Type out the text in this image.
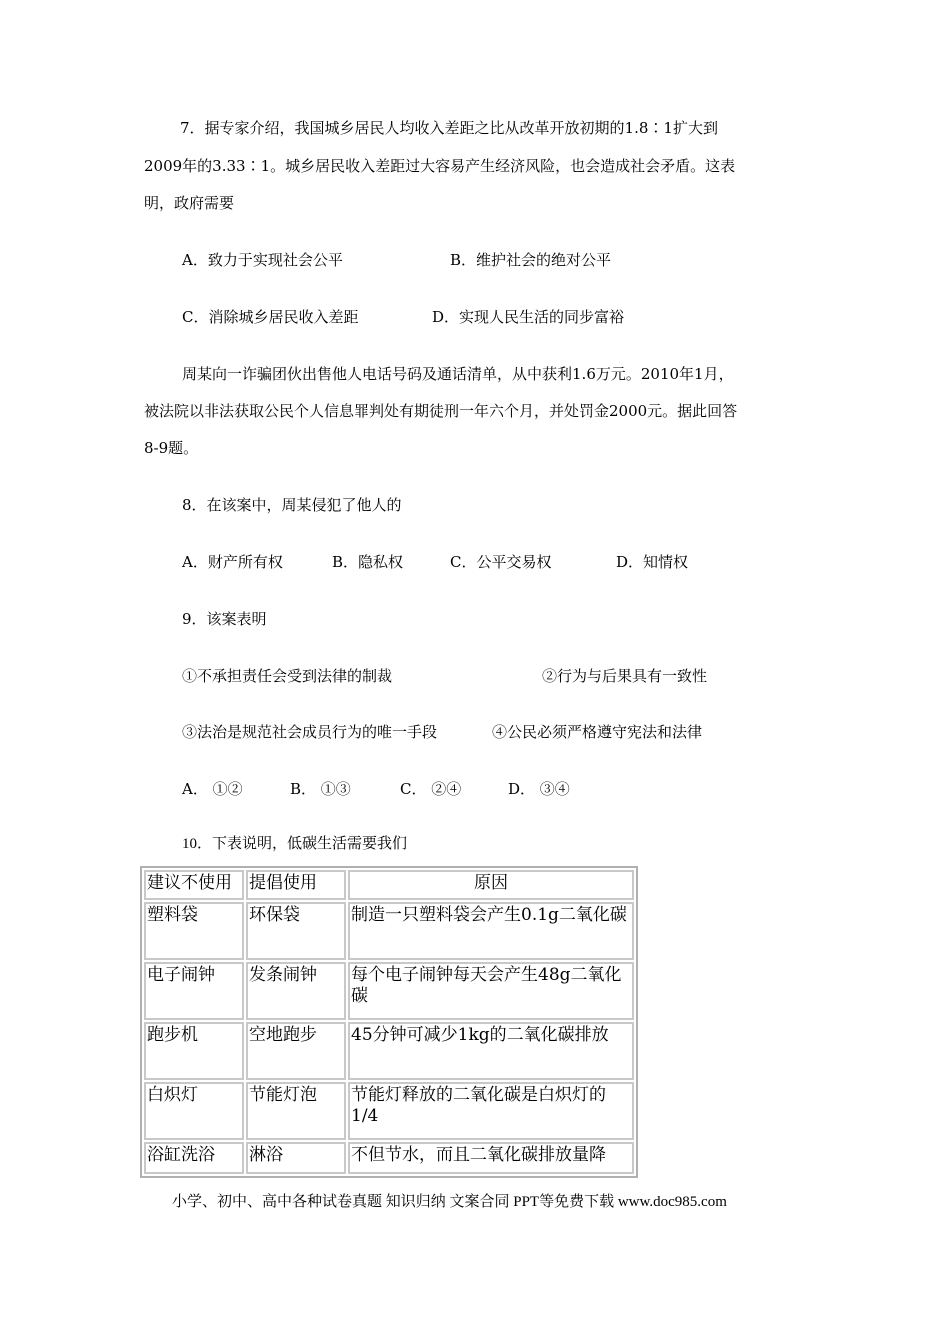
7．据专家介绍，我国城乡居民人均收入差距之比从改革开放初期的1.8∶1扩大到
2009年的3.33∶1。城乡居民收入差距过大容易产生经济风险，也会造成社会矛盾。这表
明，政府需要
A．致力于实现社会公平	B．维护社会的绝对公平
C．消除城乡居民收入差距	D．实现人民生活的同步富裕
周某向一诈骗团伙出售他人电话号码及通话清单，从中获利1.6万元。2010年1月，
被法院以非法获取公民个人信息罪判处有期徒刑一年六个月，并处罚金2000元。据此回答
8-9题。
8．在该案中，周某侵犯了他人的
A．财产所有权	B．隐私权	C．公平交易权	D．知情权
9．该案表明
①不承担责任会受到法律的制裁	②行为与后果具有一致性
③法治是规范社会成员行为的唯一手段	④公民必须严格遵守宪法和法律
A． ①②	B． ①③	C． ②④	D． ③④
10．下表说明，低碳生活需要我们
建议不使用	提倡使用	原因
塑料袋	环保袋	制造一只塑料袋会产生0.1g二氧化碳
电子闹钟	发条闹钟	每个电子闹钟每天会产生48g二氧化碳
跑步机	空地跑步	45分钟可减少1kg的二氧化碳排放
白炽灯	节能灯泡	节能灯释放的二氧化碳是白炽灯的1/4
浴缸洗浴	淋浴	不但节水，而且二氧化碳排放量降
小学、初中、高中各种试卷真题 知识归纳 文案合同 PPT等免费下载 www.doc985.com
